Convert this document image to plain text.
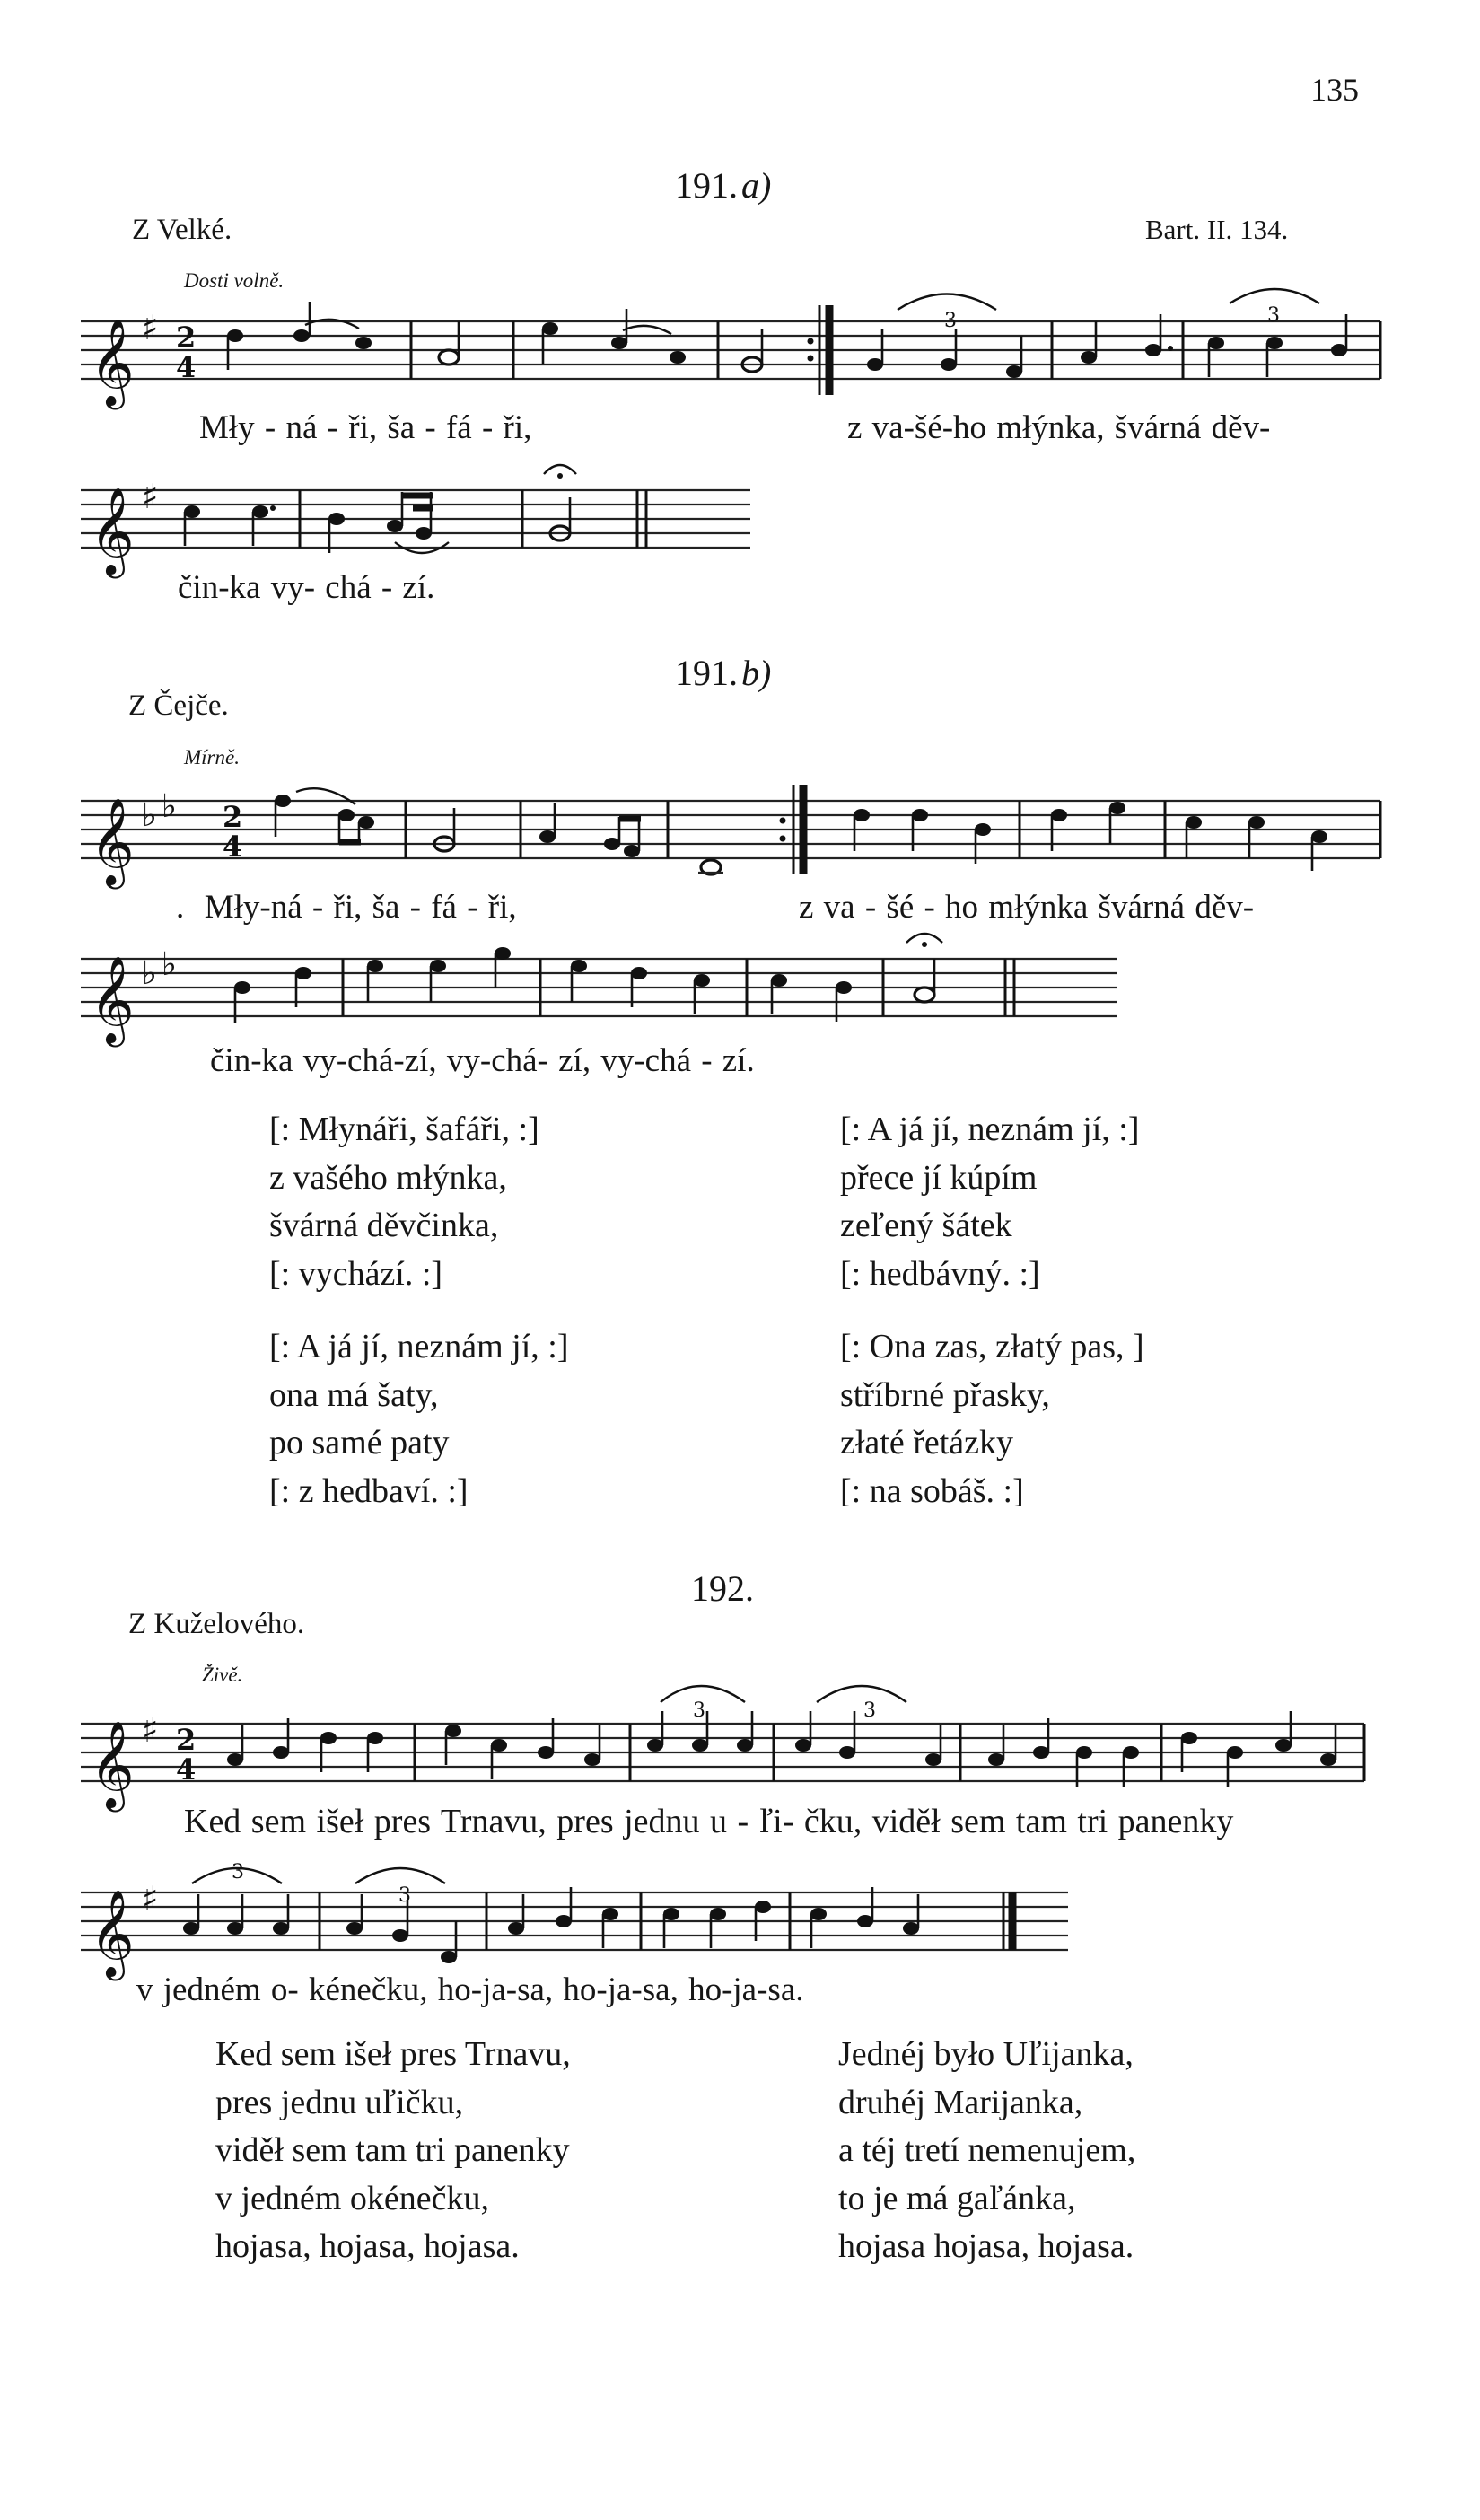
135
191. a)
Z Velké.	Bart. II. 134.
Dosti volně.
𝄞 ♯ 2
4
3	3
Mły - ná - ři, ša - fá - ři,	z va-šé-ho młýnka, švárná děv-
𝄞 ♯
čin-ka vy- chá - zí.
191. b)
Z Čejče.
Mírně.
𝄞 ♭ ♭ 2
4
.  Mły-ná - ři, ša - fá - ři,	z va - šé - ho młýnka švárná děv-
𝄞 ♭ ♭
čin-ka vy-chá-zí, vy-chá- zí, vy-chá - zí.
[: Młynáři, šafáři, :]
z vašého młýnka,
švárná děvčinka,
[: vychází. :]
[: A já jí, neznám jí, :]
přece jí kúpím
zeľený šátek
[: hedbávný. :]
[: A já jí, neznám jí, :]
ona má šaty,
po samé paty
[: z hedbaví. :]
[: Ona zas, złatý pas, ]
stříbrné přasky,
złaté řetázky
[: na sobáš. :]
192.
Z Kuželového.
Živě.
𝄞 ♯ 2
4
3	3
Ked sem išeł pres Trnavu, pres jednu u - ľi- čku, viděł sem tam tri panenky
𝄞 ♯
3
3
v jedném o- kénečku, ho-ja-sa, ho-ja-sa, ho-ja-sa.
Ked sem išeł pres Trnavu,
pres jednu uľičku,
viděł sem tam tri panenky
v jedném okénečku,
hojasa, hojasa, hojasa.
Jednéj było Uľijanka,
druhéj Marijanka,
a téj tretí nemenujem,
to je má gaľánka,
hojasa hojasa, hojasa.
